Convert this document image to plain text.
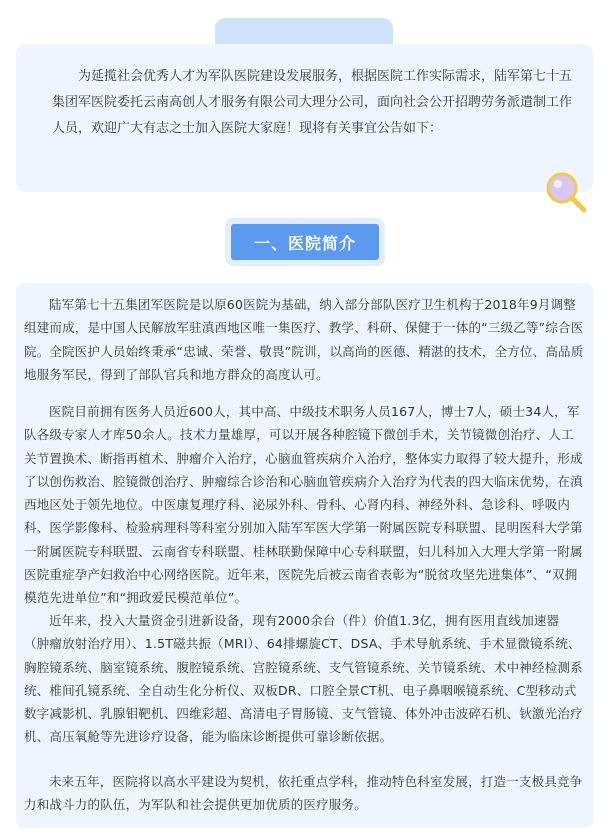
为延揽社会优秀人才为军队医院建设发展服务，根据医院工作实际需求，陆军第七十五集团军医院委托云南高创人才服务有限公司大理分公司，面向社会公开招聘劳务派遣制工作人员，欢迎广大有志之士加入医院大家庭！现将有关事宜公告如下：

一、医院简介

陆军第七十五集团军医院是以原60医院为基础，纳入部分部队医疗卫生机构于2018年9月调整组建而成，是中国人民解放军驻滇西地区唯一集医疗、教学、科研、保健于一体的“三级乙等”综合医院。全院医护人员始终秉承“忠诚、荣誉、敬畏”院训，以高尚的医德、精湛的技术，全方位、高品质地服务军民，得到了部队官兵和地方群众的高度认可。

医院目前拥有医务人员近600人，其中高、中级技术职务人员167人，博士7人，硕士34人，军队各级专家人才库50余人。技术力量雄厚，可以开展各种腔镜下微创手术，关节镜微创治疗、人工关节置换术、断指再植术、肿瘤介入治疗，心脑血管疾病介入治疗，整体实力取得了较大提升，形成了以创伤救治、腔镜微创治疗、肿瘤综合诊治和心脑血管疾病介入治疗为代表的四大临床优势，在滇西地区处于领先地位。中医康复理疗科、泌尿外科、骨科、心肾内科、神经外科、急诊科、呼吸内科、医学影像科、检验病理科等科室分别加入陆军军医大学第一附属医院专科联盟、昆明医科大学第一附属医院专科联盟、云南省专科联盟、桂林联勤保障中心专科联盟，妇儿科加入大理大学第一附属医院重症孕产妇救治中心网络医院。近年来，医院先后被云南省表彰为“脱贫攻坚先进集体”、“双拥模范先进单位”和“拥政爱民模范单位”。

近年来，投入大量资金引进新设备，现有2000余台（件）价值1.3亿，拥有医用直线加速器（肿瘤放射治疗用）、1.5T磁共振（MRI）、64排螺旋CT、DSA、手术导航系统、手术显微镜系统、胸腔镜系统、脑室镜系统、腹腔镜系统、宫腔镜系统、支气管镜系统、关节镜系统、术中神经检测系统、椎间孔镜系统、全自动生化分析仪、双板DR、口腔全景CT机、电子鼻咽喉镜系统、C型移动式数字减影机、乳腺钼靶机、四维彩超、高清电子胃肠镜、支气管镜、体外冲击波碎石机、钬激光治疗机、高压氧舱等先进诊疗设备，能为临床诊断提供可靠诊断依据。

未来五年，医院将以高水平建设为契机，依托重点学科，推动特色科室发展，打造一支极具竞争力和战斗力的队伍，为军队和社会提供更加优质的医疗服务。
